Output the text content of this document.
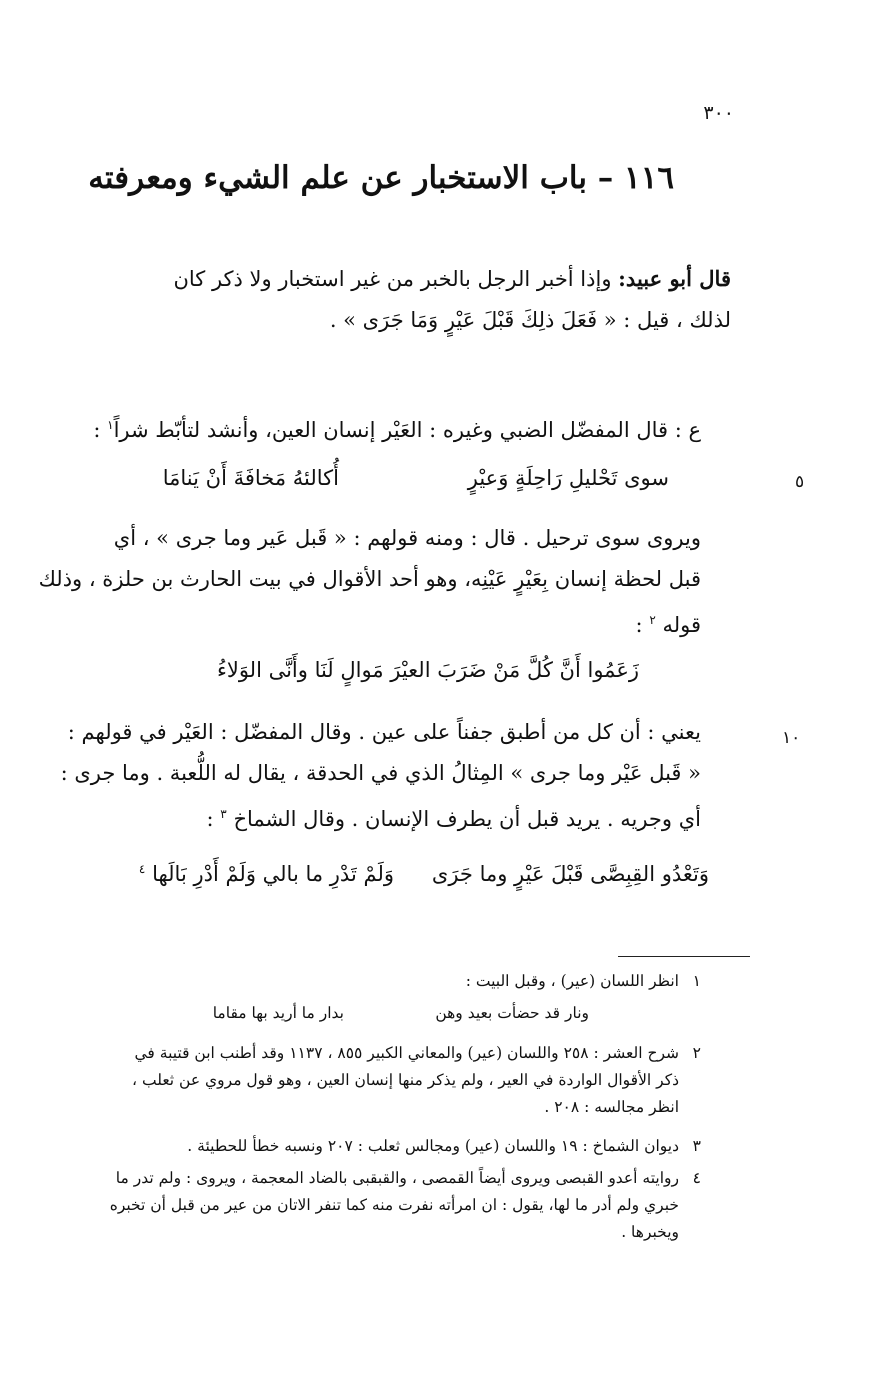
٣٠٠
١١٦ – باب الاستخبار عن علم الشيء ومعرفته
قال أبو عبيد: وإذا أخبر الرجل بالخبر من غير استخبار ولا ذكر كان
لذلك ، قيل : « فَعَلَ ذلِكَ قَبْلَ عَيْرٍ وَمَا جَرَى » .
ع : قال المفضّل الضبي وغيره : العَيْر إنسان العين، وأنشد لتأبّط شراً$^١$ :
سوى تَحْليلِ رَاحِلَةٍ وَعيْرٍ
أُكالئهُ مَخافَةَ أَنْ يَنامَا	٥
ويروى سوى ترحيل . قال : ومنه قولهم : « قَبل عَير وما جرى » ، أي
قبل لحظة إنسان بِعَيْرٍ عَيْنِه، وهو أحد الأقوال في بيت الحارث بن حلزة ، وذلك
قوله $^٢$ :
زَعَمُوا أَنَّ كُلَّ مَنْ ضَرَبَ العيْرَ مَوالٍ لَنَا وأَنَّى الوَلاءُ
يعني : أن كل من أطبق جفناً على عين . وقال المفضّل : العَيْر في قولهم :
« قَبل عَيْر وما جرى » المِثالُ الذي في الحدقة ، يقال له اللُّعبة . وما جرى :
أي وجريه . يريد قبل أن يطرف الإنسان . وقال الشماخ $^٣$ :
١٠
وَتَعْدُو القِبِصَّى قَبْلَ عَيْرٍ وما جَرَى
وَلَمْ تَدْرِ ما بالي وَلَمْ أَدْرِ بَالَها $^٤$
١انظر اللسان (عير) ، وقبل البيت :
ونار قد حضأت بعيد وهن
بدار ما أريد بها مقاما
٢شرح العشر : ٢٥٨ واللسان (عير) والمعاني الكبير ٨٥٥ ، ١١٣٧ وقد أطنب ابن قتيبة في
ذكر الأقوال الواردة في العير ، ولم يذكر منها إنسان العين ، وهو قول مروي عن ثعلب ،
انظر مجالسه : ٢٠٨ .
٣ديوان الشماخ : ١٩ واللسان (عير) ومجالس ثعلب : ٢٠٧ ونسبه خطأ للحطيئة .
٤روايته أعدو القبصى ويروى أيضاً القمصى ، والقبقبى بالضاد المعجمة ، ويروى : ولم تدر ما
خبري ولم أدر ما لها، يقول : ان امرأته نفرت منه كما تنفر الاتان من عير من قبل أن تخبره
ويخبرها .
